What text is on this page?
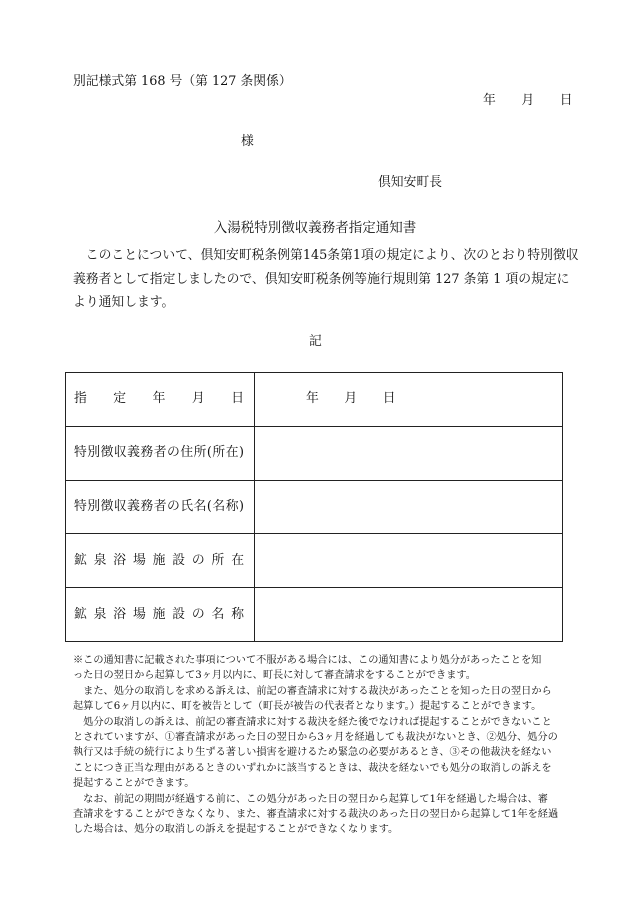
別記様式第 168 号（第 127 条関係）
年　　月　　日
様
倶知安町長
入湯税特別徴収義務者指定通知書
　このことについて、倶知安町税条例第145条第1項の規定により、次のとおり特別徴収
義務者として指定しましたので、倶知安町税条例等施行規則第 127 条第 1 項の規定に
より通知します。
記
指　　定　　年　　月　　日	年　　月　　日

特別徴収義務者の住所(所在)	

特別徴収義務者の氏名(名称)	

鉱 泉 浴 場 施 設 の 所 在	

鉱 泉 浴 場 施 設 の 名 称	

※この通知書に記載された事項について不服がある場合には、この通知書により処分があったことを知
った日の翌日から起算して3ヶ月以内に、町長に対して審査請求をすることができます。
　また、処分の取消しを求める訴えは、前記の審査請求に対する裁決があったことを知った日の翌日から
起算して6ヶ月以内に、町を被告として（町長が被告の代表者となります。）提起することができます。
　処分の取消しの訴えは、前記の審査請求に対する裁決を経た後でなければ提起することができないこと
とされていますが、①審査請求があった日の翌日から3ヶ月を経過しても裁決がないとき、②処分、処分の
執行又は手続の続行により生ずる著しい損害を避けるため緊急の必要があるとき、③その他裁決を経ない
ことにつき正当な理由があるときのいずれかに該当するときは、裁決を経ないでも処分の取消しの訴えを
提起することができます。
　なお、前記の期間が経過する前に、この処分があった日の翌日から起算して1年を経過した場合は、審
査請求をすることができなくなり、また、審査請求に対する裁決のあった日の翌日から起算して1年を経過
した場合は、処分の取消しの訴えを提起することができなくなります。
